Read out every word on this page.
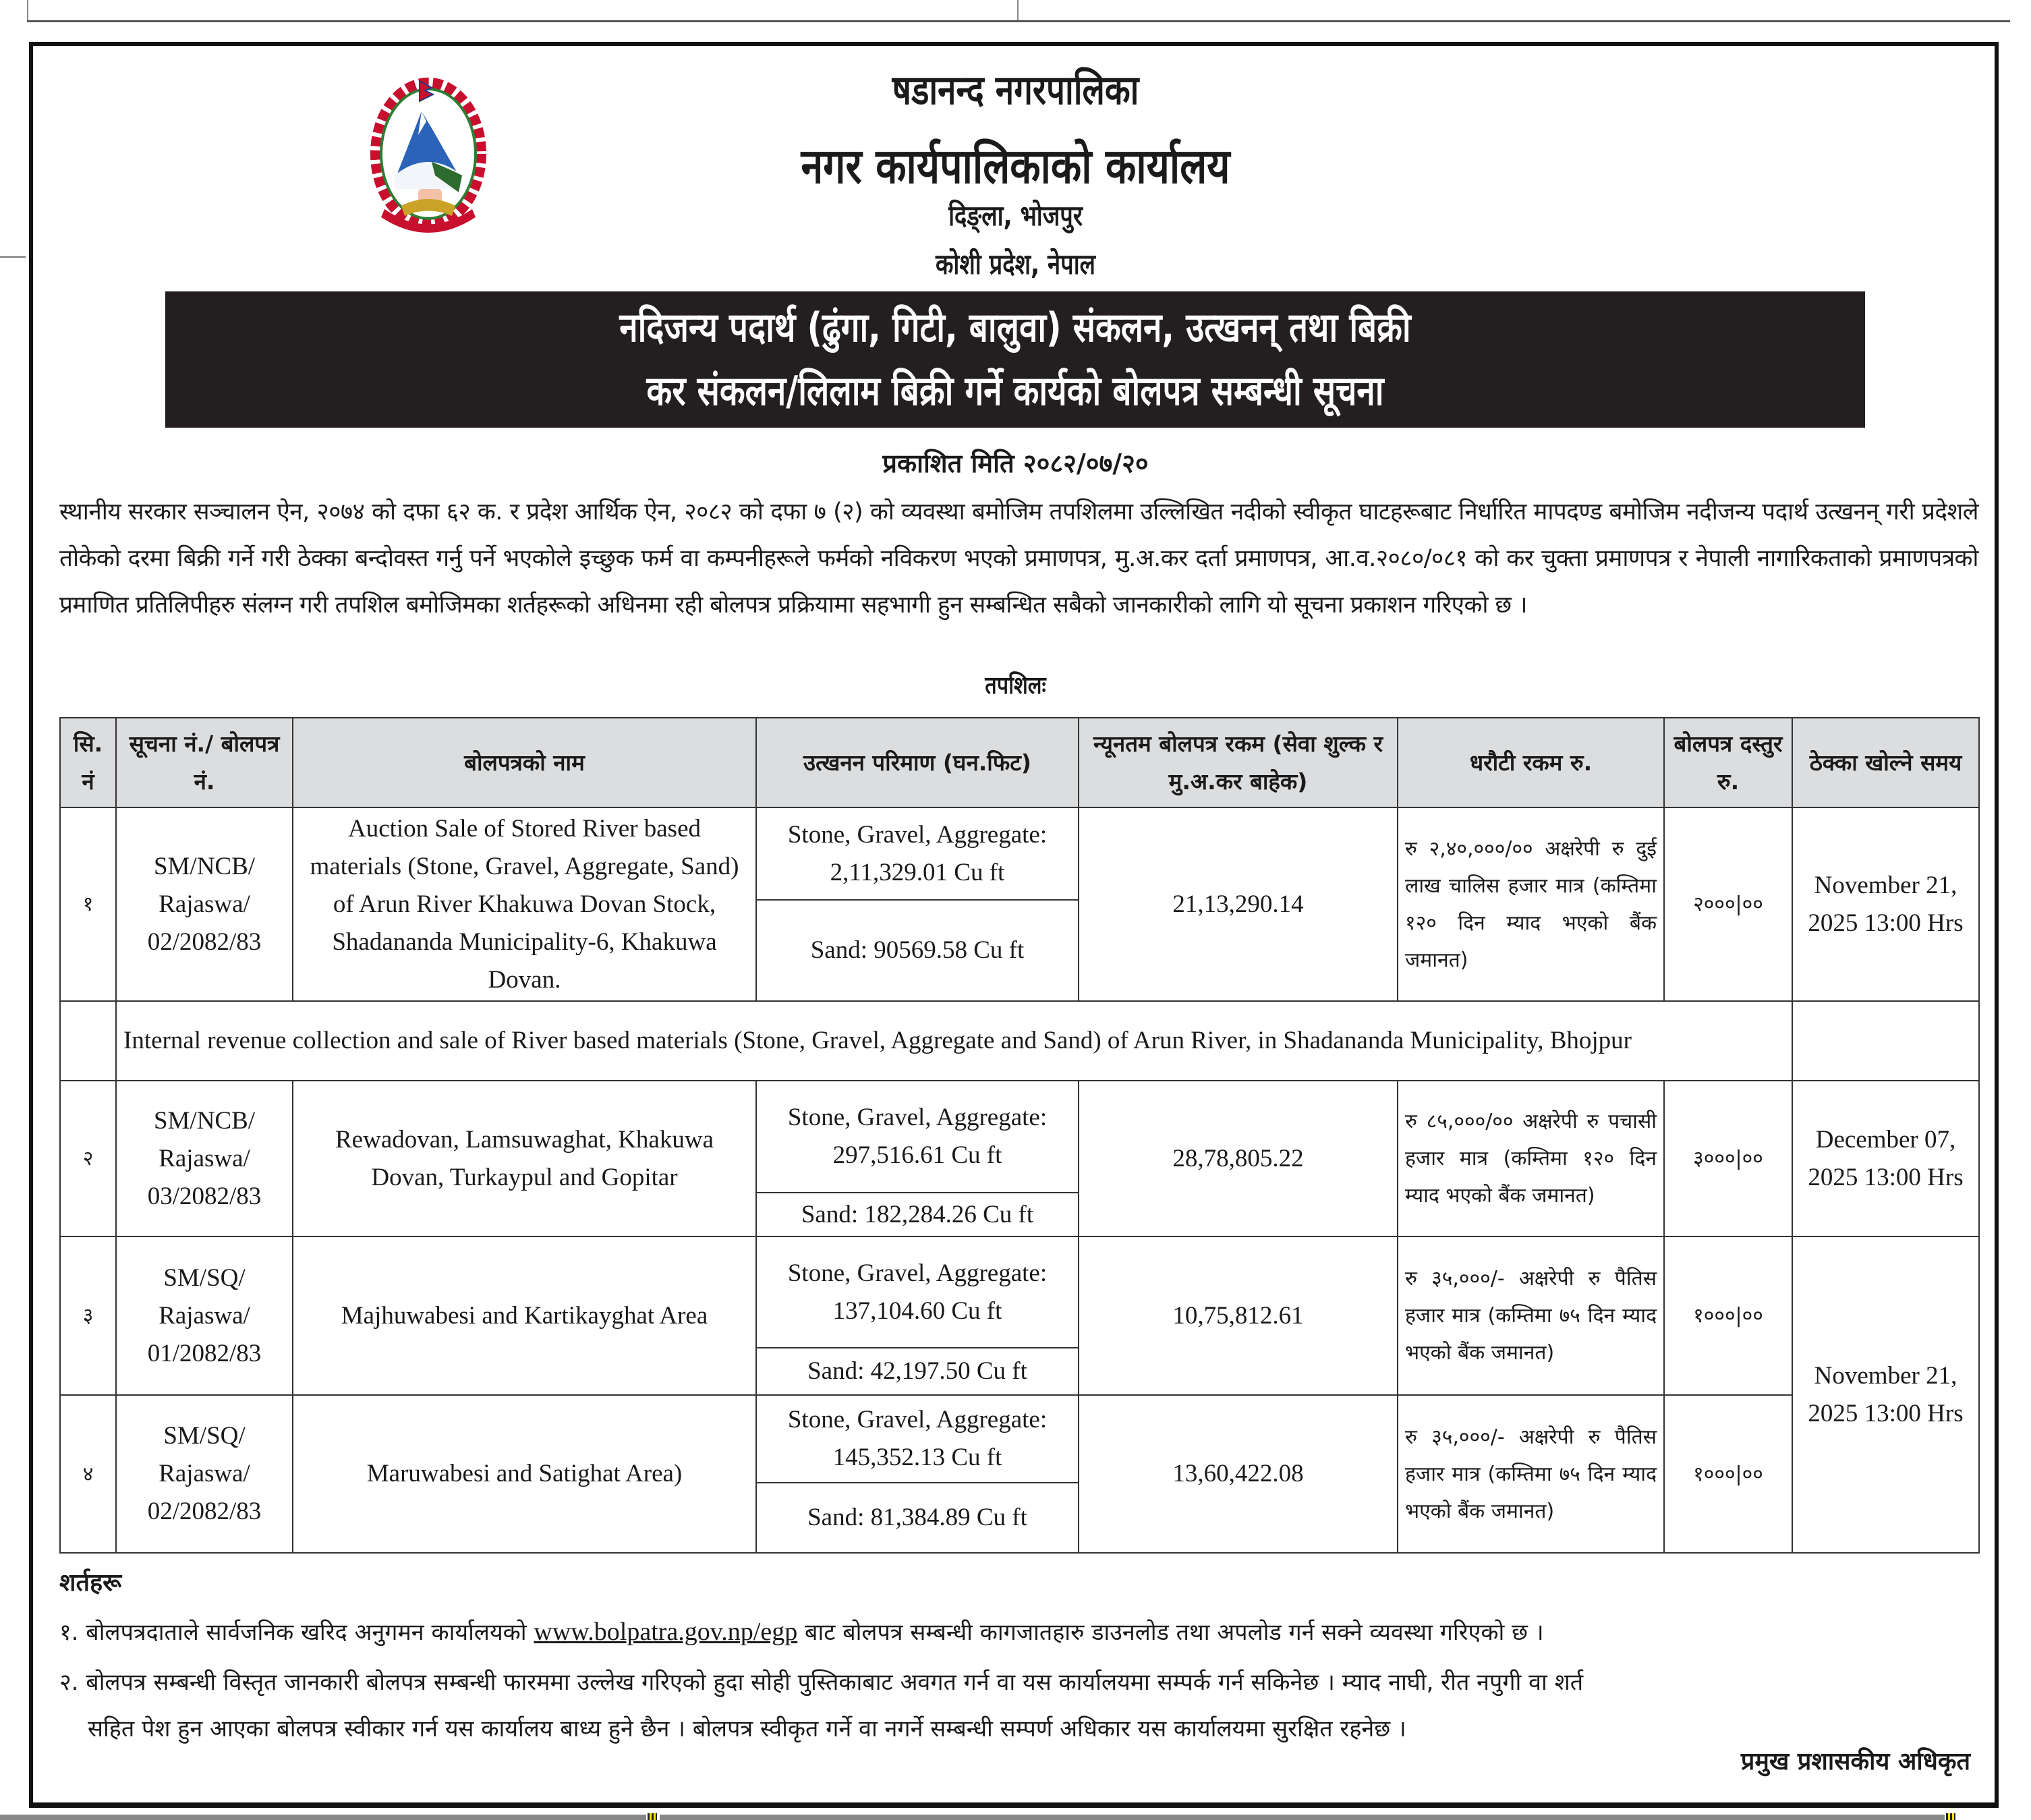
षडानन्द नगरपालिका
नगर कार्यपालिकाको कार्यालय
दिङ्ला, भोजपुर
कोशी प्रदेश, नेपाल
नदिजन्य पदार्थ (ढुंगा, गिटी, बालुवा) संकलन, उत्खनन् तथा बिक्री
कर संकलन/लिलाम बिक्री गर्ने कार्यको बोलपत्र सम्बन्धी सूचना
प्रकाशित मिति २०८२/०७/२०
स्थानीय सरकार सञ्चालन ऐन, २०७४ को दफा ६२ क. र प्रदेश आर्थिक ऐन, २०८२ को दफा ७ (२) को व्यवस्था बमोजिम तपशिलमा उल्लिखित नदीको स्वीकृत घाटहरूबाट निर्धारित मापदण्ड बमोजिम नदीजन्य पदार्थ उत्खनन् गरी प्रदेशले तोकेको दरमा बिक्री गर्ने गरी ठेक्का बन्दोवस्त गर्नु पर्ने भएकोले इच्छुक फर्म वा कम्पनीहरूले फर्मको नविकरण भएको प्रमाणपत्र, मु.अ.कर दर्ता प्रमाणपत्र, आ.व.२०८०/०८१ को कर चुक्ता प्रमाणपत्र र नेपाली नागारिकताको प्रमाणपत्रको प्रमाणित प्रतिलिपीहरु संलग्न गरी तपशिल बमोजिमका शर्तहरूको अधिनमा रही बोलपत्र प्रक्रियामा सहभागी हुन सम्बन्धित सबैको जानकारीको लागि यो सूचना प्रकाशन गरिएको छ ।
तपशिलः
सि. नं	सूचना नं./ बोलपत्र नं.	बोलपत्रको नाम	उत्खनन परिमाण (घन.फिट)	न्यूनतम बोलपत्र रकम (सेवा शुल्क र मु.अ.कर बाहेक)	धरौटी रकम रु.	बोलपत्र दस्तुर रु.	ठेक्का खोल्ने समय
१	SM/NCB/ Rajaswa/ 02/2082/83	Auction Sale of Stored River based materials (Stone, Gravel, Aggregate, Sand) of Arun River Khakuwa Dovan Stock, Shadananda Municipality-6, Khakuwa Dovan.	Stone, Gravel, Aggregate: 2,11,329.01 Cu ft	21,13,290.14	रु २,४०,०००/०० अक्षरेपी रु दुई लाख चालिस हजार मात्र (कम्तिमा १२० दिन म्याद भएको बैंक जमानत)	२०००|००	November 21, 2025 13:00 Hrs
			Sand: 90569.58 Cu ft				
	Internal revenue collection and sale of River based materials (Stone, Gravel, Aggregate and Sand) of Arun River, in Shadananda Municipality, Bhojpur						
२	SM/NCB/ Rajaswa/ 03/2082/83	Rewadovan, Lamsuwaghat, Khakuwa Dovan, Turkaypul and Gopitar	Stone, Gravel, Aggregate: 297,516.61 Cu ft	28,78,805.22	रु ८५,०००/०० अक्षरेपी रु पचासी हजार मात्र (कम्तिमा १२० दिन म्याद भएको बैंक जमानत)	३०००|००	December 07, 2025 13:00 Hrs
			Sand: 182,284.26 Cu ft				
३	SM/SQ/ Rajaswa/ 01/2082/83	Majhuwabesi and Kartikayghat Area	Stone, Gravel, Aggregate: 137,104.60 Cu ft	10,75,812.61	रु ३५,०००/- अक्षरेपी रु पैतिस हजार मात्र (कम्तिमा ७५ दिन म्याद भएको बैंक जमानत)	१०००|००	November 21, 2025 13:00 Hrs
			Sand: 42,197.50 Cu ft				
४	SM/SQ/ Rajaswa/ 02/2082/83	Maruwabesi and Satighat Area)	Stone, Gravel, Aggregate: 145,352.13 Cu ft	13,60,422.08	रु ३५,०००/- अक्षरेपी रु पैतिस हजार मात्र (कम्तिमा ७५ दिन म्याद भएको बैंक जमानत)	१०००|००	
			Sand: 81,384.89 Cu ft				
शर्तहरू
१. बोलपत्रदाताले सार्वजनिक खरिद अनुगमन कार्यालयको www.bolpatra.gov.np/egp बाट बोलपत्र सम्बन्धी कागजातहारु डाउनलोड तथा अपलोड गर्न सक्ने व्यवस्था गरिएको छ ।
२. बोलपत्र सम्बन्धी विस्तृत जानकारी बोलपत्र सम्बन्धी फारममा उल्लेख गरिएको हुदा सोही पुस्तिकाबाट अवगत गर्न वा यस कार्यालयमा सम्पर्क गर्न सकिनेछ । म्याद नाघी, रीत नपुगी वा शर्त
सहित पेश हुन आएका बोलपत्र स्वीकार गर्न यस कार्यालय बाध्य हुने छैन । बोलपत्र स्वीकृत गर्ने वा नगर्ने सम्बन्धी सम्पर्ण अधिकार यस कार्यालयमा सुरक्षित रहनेछ ।
प्रमुख प्रशासकीय अधिकृत
